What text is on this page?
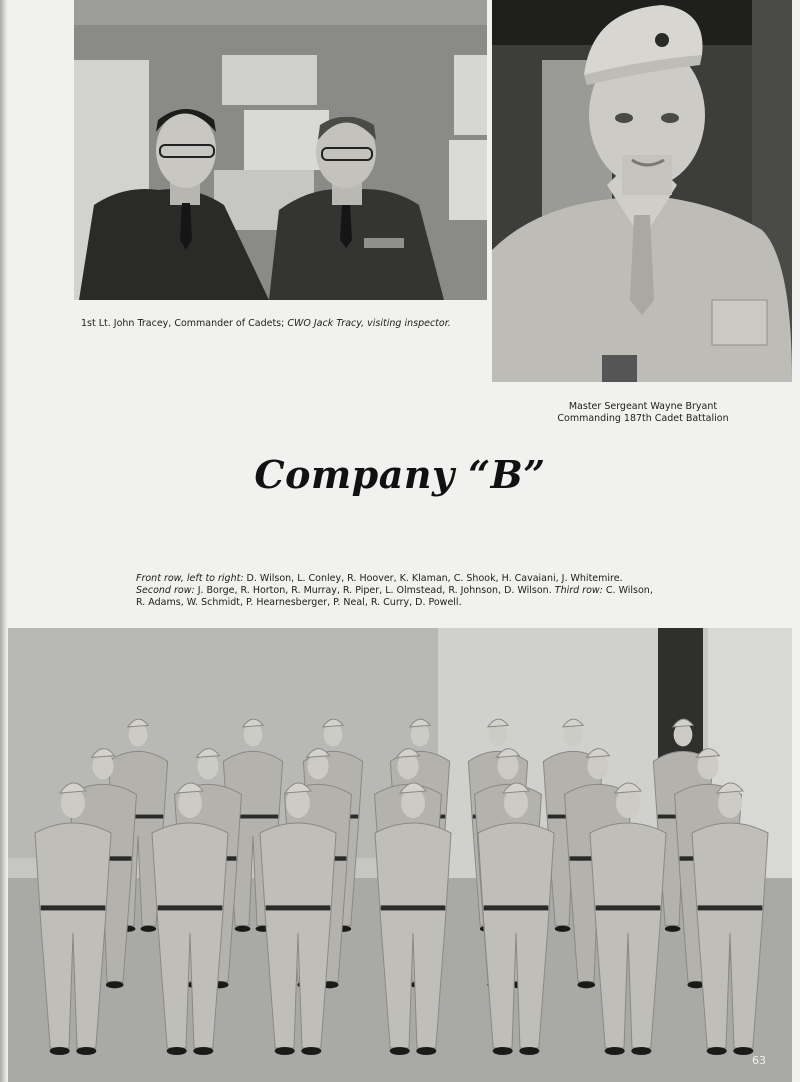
1st Lt. John Tracey, Commander of Cadets; CWO Jack Tracy, visiting inspector.
Master Sergeant Wayne Bryant
Commanding 187th Cadet Battalion
Company “B”
Front row, left to right: D. Wilson, L. Conley, R. Hoover, K. Klaman, C. Shook, H. Cavaiani, J. Whitemire. Second row: J. Borge, R. Horton, R. Murray, R. Piper, L. Olmstead, R. Johnson, D. Wilson. Third row: C. Wilson, R. Adams, W. Schmidt, P. Hearnesberger, P. Neal, R. Curry, D. Powell.
63
